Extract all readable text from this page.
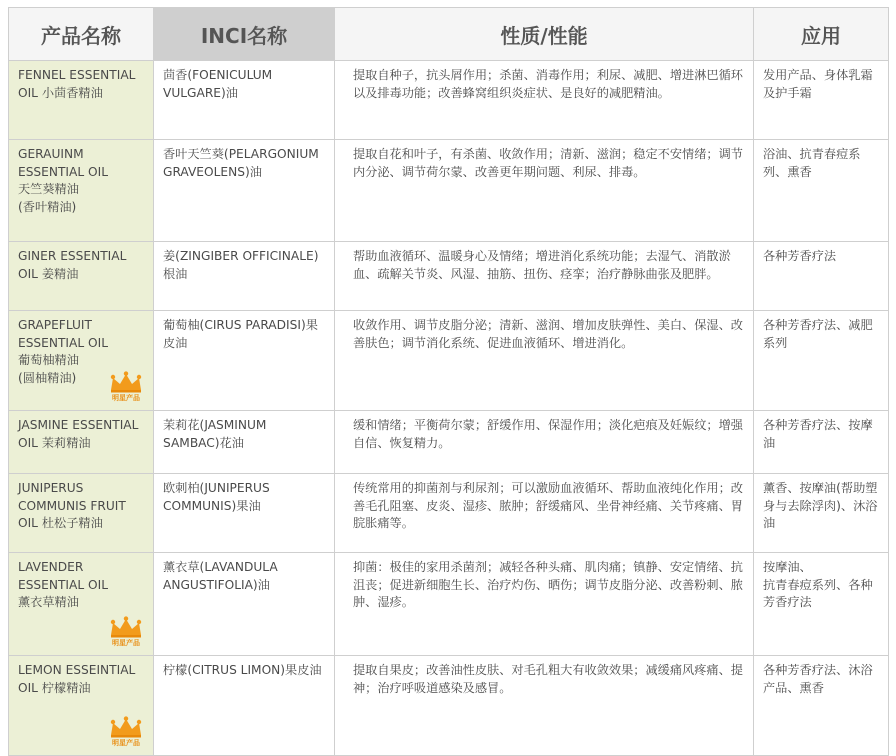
产品名称	INCI名称	性质/性能	应用

FENNEL ESSENTIAL
OIL 小茴香精油	茴香(FOENICULUM VULGARE)油	提取自种子，抗头屑作用；杀菌、消毒作用；利尿、减肥、增进淋巴循环以及排毒功能；改善蜂窝组织炎症状、是良好的减肥精油。	发用产品、身体乳霜及护手霜

GERAUINM
ESSENTIAL OIL
天竺葵精油
(香叶精油)	香叶天竺葵(PELARGONIUM GRAVEOLENS)油	提取自花和叶子，有杀菌、收敛作用；清新、滋润；稳定不安情绪；调节内分泌、调节荷尔蒙、改善更年期问题、利尿、排毒。	浴油、抗青春痘系列、熏香

GINER ESSENTIAL
OIL 姜精油	姜(ZINGIBER OFFICINALE)根油	帮助血液循环、温暖身心及情绪；增进消化系统功能；去湿气、消散淤血、疏解关节炎、风湿、抽筋、扭伤、痉挛；治疗静脉曲张及肥胖。	各种芳香疗法

GRAPEFLUIT
ESSENTIAL OIL
葡萄柚精油
(圆柚精油)
明星产品	葡萄柚(CIRUS PARADISI)果皮油	收敛作用、调节皮脂分泌；清新、滋润、增加皮肤弹性、美白、保湿、改善肤色；调节消化系统、促进血液循环、增进消化。	各种芳香疗法、减肥系列

JASMINE ESSENTIAL
OIL 茉莉精油	茉莉花(JASMINUM SAMBAC)花油	缓和情绪；平衡荷尔蒙；舒缓作用、保湿作用；淡化疤痕及妊娠纹；增强自信、恢复精力。	各种芳香疗法、按摩油

JUNIPERUS
COMMUNIS FRUIT
OIL 杜松子精油	欧刺柏(JUNIPERUS COMMUNIS)果油	传统常用的抑菌剂与利尿剂；可以激励血液循环、帮助血液纯化作用；改善毛孔阻塞、皮炎、湿疹、脓肿；舒缓痛风、坐骨神经痛、关节疼痛、胃脘胀痛等。	薰香、按摩油(帮助塑身与去除浮肉)、沐浴油

LAVENDER
ESSENTIAL OIL
薰衣草精油
明星产品	薰衣草(LAVANDULA ANGUSTIFOLIA)油	抑菌：极佳的家用杀菌剂；减轻各种头痛、肌肉痛；镇静、安定情绪、抗沮丧；促进新细胞生长、治疗灼伤、晒伤；调节皮脂分泌、改善粉刺、脓肿、湿疹。	按摩油、
抗青春痘系列、各种芳香疗法

LEMON ESSEINTIAL
OIL 柠檬精油
明星产品	柠檬(CITRUS LIMON)果皮油	提取自果皮；改善油性皮肤、对毛孔粗大有收敛效果；减缓痛风疼痛、提神；治疗呼吸道感染及感冒。	各种芳香疗法、沐浴产品、熏香
